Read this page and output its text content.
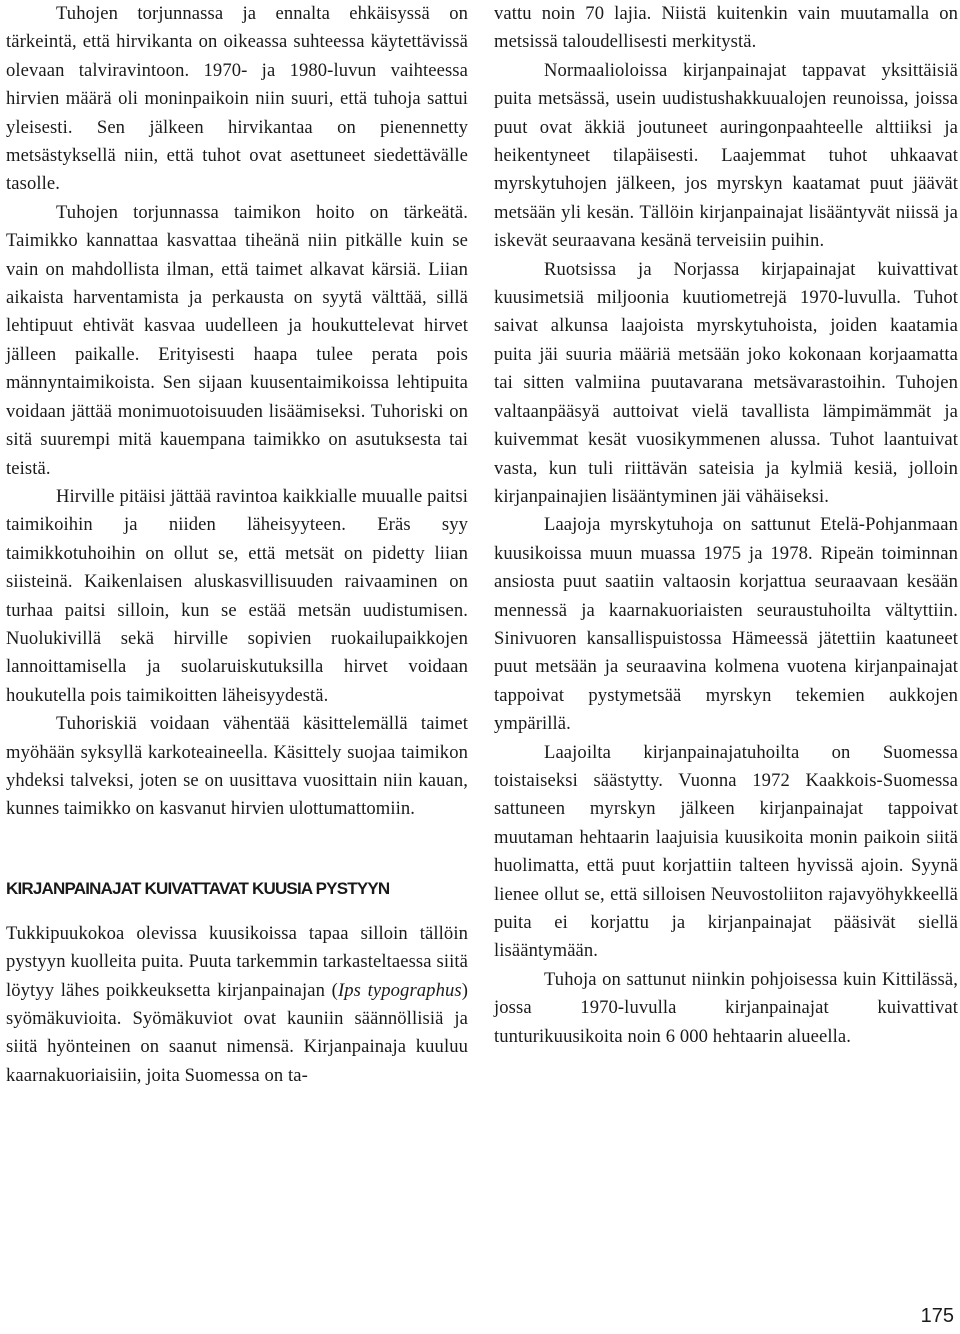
Tuhojen torjunnassa ja ennalta ehkäisyssä on tärkeintä, että hirvikanta on oikeassa suhteessa käytettävissä olevaan talviravintoon. 1970- ja 1980-luvun vaihteessa hirvien määrä oli moninpaikoin niin suuri, että tuhoja sattui yleisesti. Sen jälkeen hirvikantaa on pienennetty metsästyksellä niin, että tuhot ovat asettuneet siedettävälle tasolle.

Tuhojen torjunnassa taimikon hoito on tärkeätä. Taimikko kannattaa kasvattaa tiheänä niin pitkälle kuin se vain on mahdollista ilman, että taimet alkavat kärsiä. Liian aikaista harventamista ja perkausta on syytä välttää, sillä lehtipuut ehtivät kasvaa uudelleen ja houkuttelevat hirvet jälleen paikalle. Erityisesti haapa tulee perata pois männyntaimikoista. Sen sijaan kuusentaimikoissa lehtipuita voidaan jättää monimuotoisuuden lisäämiseksi. Tuhoriski on sitä suurempi mitä kauempana taimikko on asutuksesta tai teistä.

Hirville pitäisi jättää ravintoa kaikkialle muualle paitsi taimikoihin ja niiden läheisyyteen. Eräs syy taimikkotuhoihin on ollut se, että metsät on pidetty liian siisteinä. Kaikenlaisen aluskasvillisuuden raivaaminen on turhaa paitsi silloin, kun se estää metsän uudistumisen. Nuolukivillä sekä hirville sopivien ruokailupaikkojen lannoittamisella ja suolaruiskutuksilla hirvet voidaan houkutella pois taimikoitten läheisyydestä.

Tuhoriskiä voidaan vähentää käsittelemällä taimet myöhään syksyllä karkoteaineella. Käsittely suojaa taimikon yhdeksi talveksi, joten se on uusittava vuosittain niin kauan, kunnes taimikko on kasvanut hirvien ulottumattomiin.

KIRJANPAINAJAT KUIVATTAVAT KUUSIA PYSTYYN

Tukkipuukokoa olevissa kuusikoissa tapaa silloin tällöin pystyyn kuolleita puita. Puuta tarkemmin tarkasteltaessa siitä löytyy lähes poikkeuksetta kirjanpainajan (Ips typographus) syömäkuvioita. Syömäkuviot ovat kauniin säännöllisiä ja siitä hyönteinen on saanut nimensä. Kirjanpainaja kuuluu kaarnakuoriaisiin, joita Suomessa on ta-

vattu noin 70 lajia. Niistä kuitenkin vain muutamalla on metsissä taloudellisesti merkitystä.

Normaalioloissa kirjanpainajat tappavat yksittäisiä puita metsässä, usein uudistushakkuualojen reunoissa, joissa puut ovat äkkiä joutuneet auringonpaahteelle alttiiksi ja heikentyneet tilapäisesti. Laajemmat tuhot uhkaavat myrskytuhojen jälkeen, jos myrskyn kaatamat puut jäävät metsään yli kesän. Tällöin kirjanpainajat lisääntyvät niissä ja iskevät seuraavana kesänä terveisiin puihin.

Ruotsissa ja Norjassa kirjapainajat kuivattivat kuusimetsiä miljoonia kuutiometrejä 1970-luvulla. Tuhot saivat alkunsa laajoista myrskytuhoista, joiden kaatamia puita jäi suuria määriä metsään joko kokonaan korjaamatta tai sitten valmiina puutavarana metsävarastoihin. Tuhojen valtaanpääsyä auttoivat vielä tavallista lämpimämmät ja kuivemmat kesät vuosikymmenen alussa. Tuhot laantuivat vasta, kun tuli riittävän sateisia ja kylmiä kesiä, jolloin kirjanpainajien lisääntyminen jäi vähäiseksi.

Laajoja myrskytuhoja on sattunut Etelä-Pohjanmaan kuusikoissa muun muassa 1975 ja 1978. Ripeän toiminnan ansiosta puut saatiin valtaosin korjattua seuraavaan kesään mennessä ja kaarnakuoriaisten seuraustuhoilta vältyttiin. Sinivuoren kansallispuistossa Hämeessä jätettiin kaatuneet puut metsään ja seuraavina kolmena vuotena kirjanpainajat tappoivat pystymetsää myrskyn tekemien aukkojen ympärillä.

Laajoilta kirjanpainajatuhoilta on Suomessa toistaiseksi säästytty. Vuonna 1972 Kaakkois-Suomessa sattuneen myrskyn jälkeen kirjanpainajat tappoivat muutaman hehtaarin laajuisia kuusikoita monin paikoin siitä huolimatta, että puut korjattiin talteen hyvissä ajoin. Syynä lienee ollut se, että silloisen Neuvostoliiton rajavyöhykkeellä puita ei korjattu ja kirjanpainajat pääsivät siellä lisääntymään.

Tuhoja on sattunut niinkin pohjoisessa kuin Kittilässä, jossa 1970-luvulla kirjanpainajat kuivattivat tunturikuusikoita noin 6 000 hehtaarin alueella.

175
